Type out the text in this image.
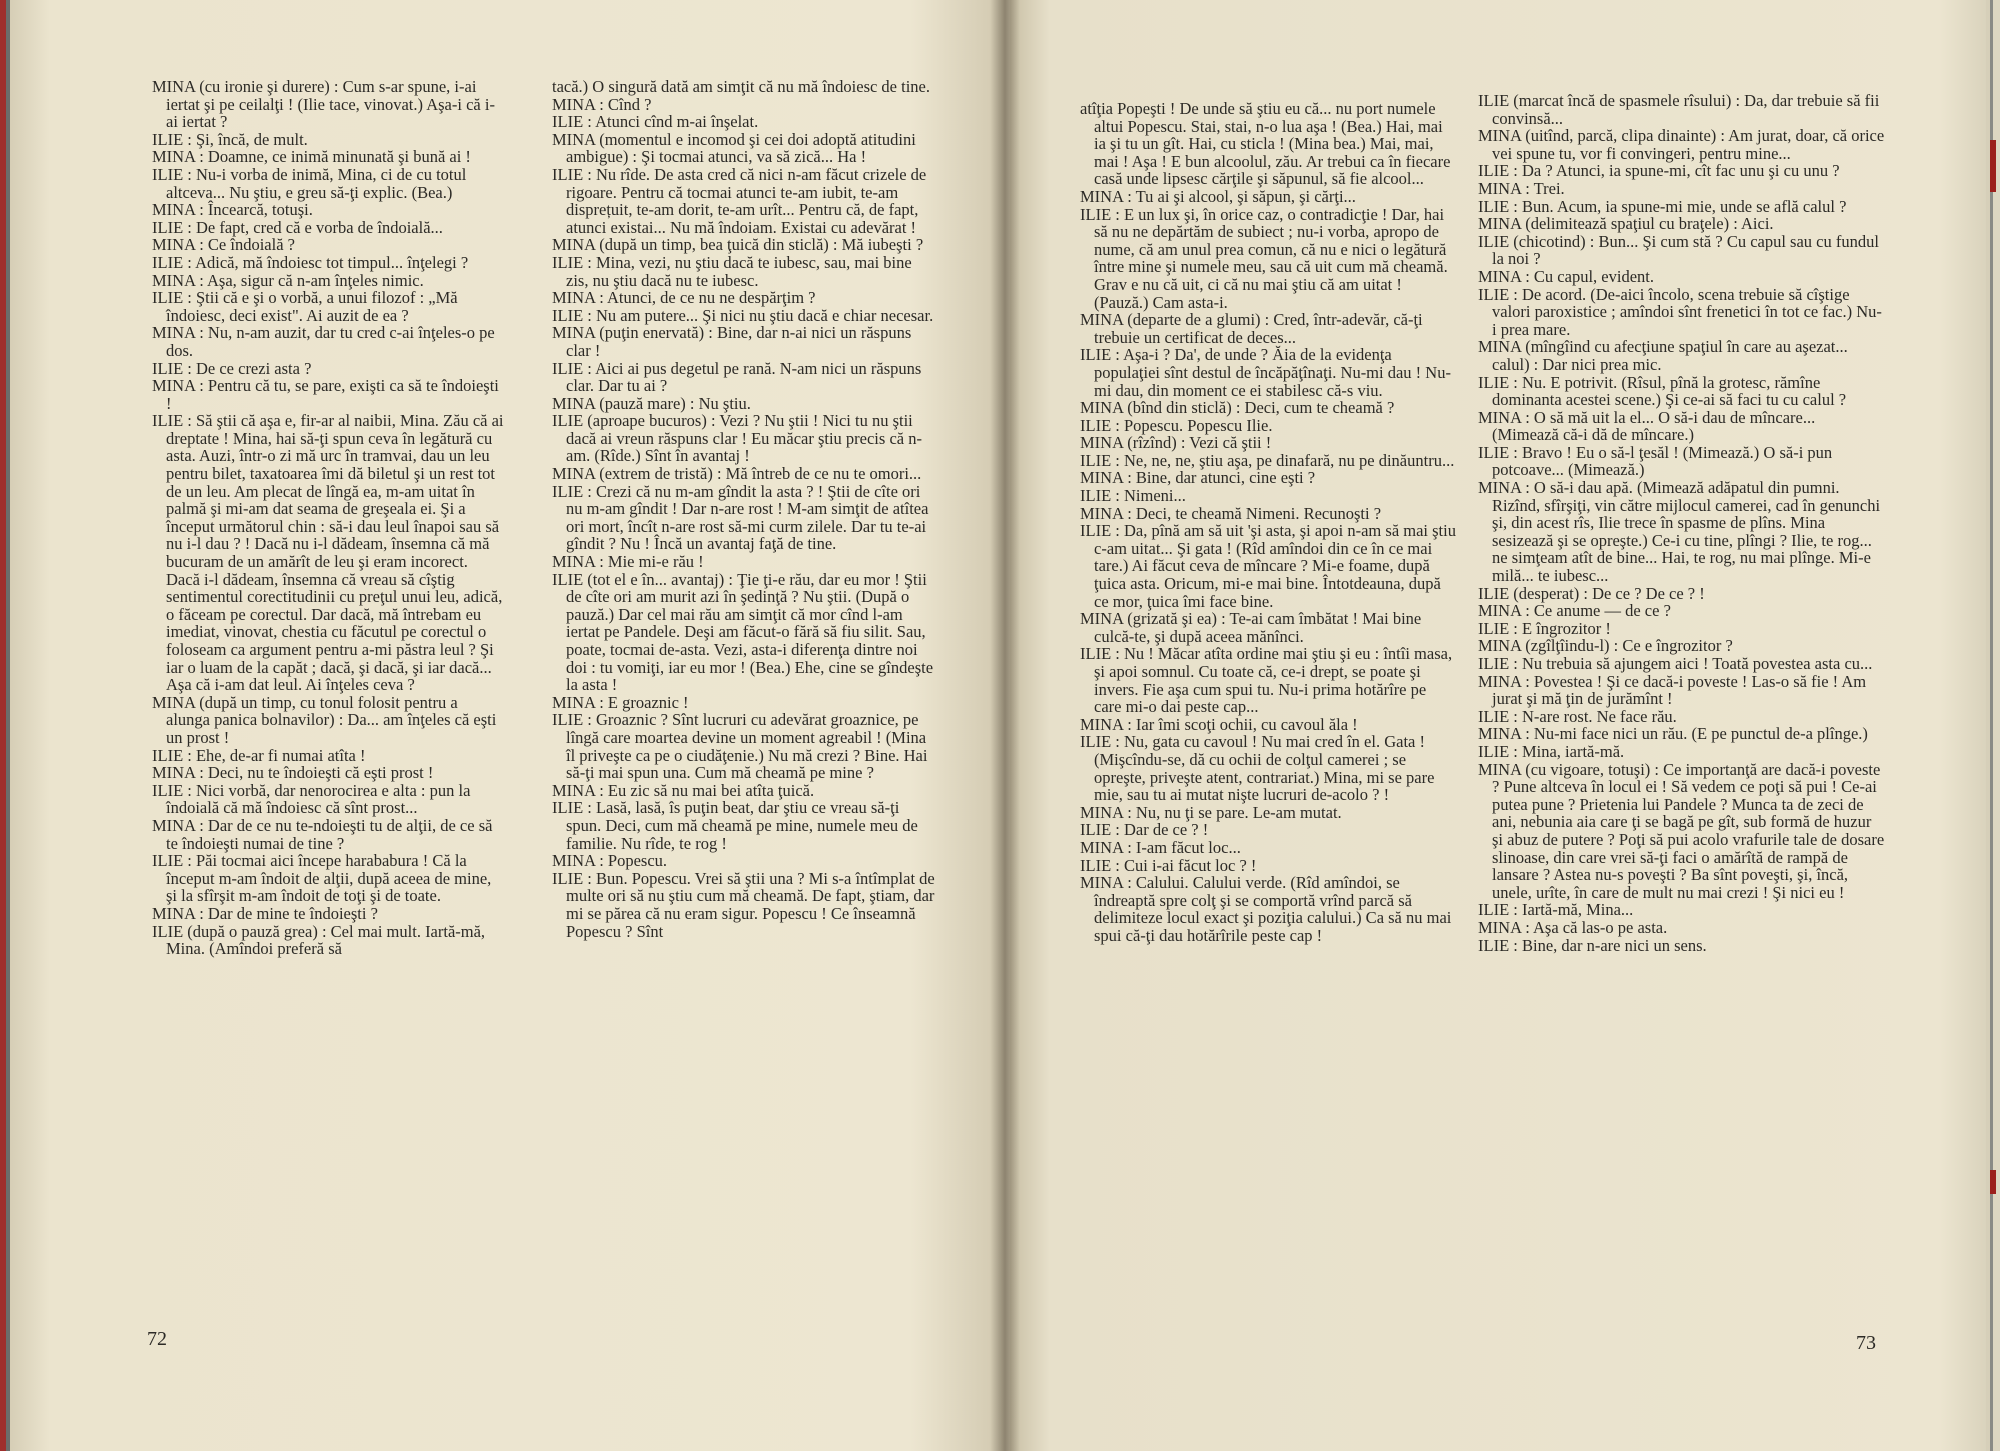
MINA (cu ironie şi durere) : Cum s-ar spune, i-ai iertat şi pe ceilalţi ! (Ilie tace, vinovat.) Aşa-i că i-ai iertat ?

ILIE : Şi, încă, de mult.

MINA : Doamne, ce inimă minunată şi bună ai !

ILIE : Nu-i vorba de inimă, Mina, ci de cu totul altceva... Nu ştiu, e greu să-ţi explic. (Bea.)

MINA : Încearcă, totuşi.

ILIE : De fapt, cred că e vorba de îndoială...

MINA : Ce îndoială ?

ILIE : Adică, mă îndoiesc tot timpul... înţelegi ?

MINA : Aşa, sigur că n-am înţeles nimic.

ILIE : Ştii că e şi o vorbă, a unui filozof : „Mă îndoiesc, deci exist". Ai auzit de ea ?

MINA : Nu, n-am auzit, dar tu cred c-ai înţeles-o pe dos.

ILIE : De ce crezi asta ?

MINA : Pentru că tu, se pare, exişti ca să te îndoieşti !

ILIE : Să ştii că aşa e, fir-ar al naibii, Mina. Zău că ai dreptate ! Mina, hai să-ţi spun ceva în legătură cu asta. Auzi, într-o zi mă urc în tramvai, dau un leu pentru bilet, taxatoarea îmi dă biletul şi un rest tot de un leu. Am plecat de lîngă ea, m-am uitat în palmă şi mi-am dat seama de greşeala ei. Şi a început următorul chin : să-i dau leul înapoi sau să nu i-l dau ? ! Dacă nu i-l dădeam, însemna că mă bucuram de un amărît de leu şi eram incorect. Dacă i-l dădeam, însemna că vreau să cîştig sentimentul corectitudinii cu preţul unui leu, adică, o făceam pe corectul. Dar dacă, mă întrebam eu imediat, vinovat, chestia cu făcutul pe corectul o foloseam ca argument pentru a-mi păstra leul ? Şi iar o luam de la capăt ; dacă, şi dacă, şi iar dacă... Aşa că i-am dat leul. Ai înţeles ceva ?

MINA (după un timp, cu tonul folosit pentru a alunga panica bolnavilor) : Da... am înţeles că eşti un prost !

ILIE : Ehe, de-ar fi numai atîta !

MINA : Deci, nu te îndoieşti că eşti prost !

ILIE : Nici vorbă, dar nenorocirea e alta : pun la îndoială că mă îndoiesc că sînt prost...

MINA : Dar de ce nu te-ndoieşti tu de alţii, de ce să te îndoieşti numai de tine ?

ILIE : Păi tocmai aici începe harababura ! Că la început m-am îndoit de alţii, după aceea de mine, şi la sfîrşit m-am îndoit de toţi şi de toate.

MINA : Dar de mine te îndoieşti ?

ILIE (după o pauză grea) : Cel mai mult. Iartă-mă, Mina. (Amîndoi preferă să

tacă.) O singură dată am simţit că nu mă îndoiesc de tine.

MINA : Cînd ?

ILIE : Atunci cînd m-ai înşelat.

MINA (momentul e incomod şi cei doi adoptă atitudini ambigue) : Şi tocmai atunci, va să zică... Ha !

ILIE : Nu rîde. De asta cred că nici n-am făcut crizele de rigoare. Pentru că tocmai atunci te-am iubit, te-am disprețuit, te-am dorit, te-am urît... Pentru că, de fapt, atunci existai... Nu mă îndoiam. Existai cu adevărat !

MINA (după un timp, bea ţuică din sticlă) : Mă iubeşti ?

ILIE : Mina, vezi, nu ştiu dacă te iubesc, sau, mai bine zis, nu ştiu dacă nu te iubesc.

MINA : Atunci, de ce nu ne despărţim ?

ILIE : Nu am putere... Şi nici nu ştiu dacă e chiar necesar.

MINA (puţin enervată) : Bine, dar n-ai nici un răspuns clar !

ILIE : Aici ai pus degetul pe rană. N-am nici un răspuns clar. Dar tu ai ?

MINA (pauză mare) : Nu ştiu.

ILIE (aproape bucuros) : Vezi ? Nu ştii ! Nici tu nu ştii dacă ai vreun răspuns clar ! Eu măcar ştiu precis că n-am. (Rîde.) Sînt în avantaj !

MINA (extrem de tristă) : Mă întreb de ce nu te omori...

ILIE : Crezi că nu m-am gîndit la asta ? ! Ştii de cîte ori nu m-am gîndit ! Dar n-are rost ! M-am simţit de atîtea ori mort, încît n-are rost să-mi curm zilele. Dar tu te-ai gîndit ? Nu ! Încă un avantaj faţă de tine.

MINA : Mie mi-e rău !

ILIE (tot el e în... avantaj) : Ţie ţi-e rău, dar eu mor ! Ştii de cîte ori am murit azi în şedinţă ? Nu ştii. (După o pauză.) Dar cel mai rău am simţit că mor cînd l-am iertat pe Pandele. Deşi am făcut-o fără să fiu silit. Sau, poate, tocmai de-asta. Vezi, asta-i diferenţa dintre noi doi : tu vomiţi, iar eu mor ! (Bea.) Ehe, cine se gîndeşte la asta !

MINA : E groaznic !

ILIE : Groaznic ? Sînt lucruri cu adevărat groaznice, pe lîngă care moartea devine un moment agreabil ! (Mina îl priveşte ca pe o ciudăţenie.) Nu mă crezi ? Bine. Hai să-ţi mai spun una. Cum mă cheamă pe mine ?

MINA : Eu zic să nu mai bei atîta ţuică.

ILIE : Lasă, lasă, îs puţin beat, dar ştiu ce vreau să-ţi spun. Deci, cum mă cheamă pe mine, numele meu de familie. Nu rîde, te rog !

MINA : Popescu.

ILIE : Bun. Popescu. Vrei să ştii una ? Mi s-a întîmplat de multe ori să nu ştiu cum mă cheamă. De fapt, ştiam, dar mi se părea că nu eram sigur. Popescu ! Ce înseamnă Popescu ? Sînt

atîţia Popeşti ! De unde să ştiu eu că... nu port numele altui Popescu. Stai, stai, n-o lua aşa ! (Bea.) Hai, mai ia şi tu un gît. Hai, cu sticla ! (Mina bea.) Mai, mai, mai ! Aşa ! E bun alcoolul, zău. Ar trebui ca în fiecare casă unde lipsesc cărţile şi săpunul, să fie alcool...

MINA : Tu ai şi alcool, şi săpun, şi cărţi...

ILIE : E un lux şi, în orice caz, o contradicţie ! Dar, hai să nu ne depărtăm de subiect ; nu-i vorba, apropo de nume, că am unul prea comun, că nu e nici o legătură între mine şi numele meu, sau că uit cum mă cheamă. Grav e nu că uit, ci că nu mai ştiu că am uitat ! (Pauză.) Cam asta-i.

MINA (departe de a glumi) : Cred, într-adevăr, că-ţi trebuie un certificat de deces...

ILIE : Aşa-i ? Da', de unde ? Ăia de la evidenţa populaţiei sînt destul de încăpăţînaţi. Nu-mi dau ! Nu-mi dau, din moment ce ei stabilesc că-s viu.

MINA (bînd din sticlă) : Deci, cum te cheamă ?

ILIE : Popescu. Popescu Ilie.

MINA (rîzînd) : Vezi că ştii !

ILIE : Ne, ne, ne, ştiu aşa, pe dinafară, nu pe dinăuntru...

MINA : Bine, dar atunci, cine eşti ?

ILIE : Nimeni...

MINA : Deci, te cheamă Nimeni. Recunoşti ?

ILIE : Da, pînă am să uit 'şi asta, şi apoi n-am să mai ştiu c-am uitat... Şi gata ! (Rîd amîndoi din ce în ce mai tare.) Ai făcut ceva de mîncare ? Mi-e foame, după ţuica asta. Oricum, mi-e mai bine. Întotdeauna, după ce mor, ţuica îmi face bine.

MINA (grizată şi ea) : Te-ai cam îmbătat ! Mai bine culcă-te, şi după aceea mănînci.

ILIE : Nu ! Măcar atîta ordine mai ştiu şi eu : întîi masa, şi apoi somnul. Cu toate că, ce-i drept, se poate şi invers. Fie aşa cum spui tu. Nu-i prima hotărîre pe care mi-o dai peste cap...

MINA : Iar îmi scoţi ochii, cu cavoul ăla !

ILIE : Nu, gata cu cavoul ! Nu mai cred în el. Gata ! (Mişcîndu-se, dă cu ochii de colţul camerei ; se opreşte, priveşte atent, contrariat.) Mina, mi se pare mie, sau tu ai mutat nişte lucruri de-acolo ? !

MINA : Nu, nu ţi se pare. Le-am mutat.

ILIE : Dar de ce ? !

MINA : I-am făcut loc...

ILIE : Cui i-ai făcut loc ? !

MINA : Calului. Calului verde. (Rîd amîndoi, se îndreaptă spre colţ şi se comportă vrînd parcă să delimiteze locul exact şi poziţia calului.) Ca să nu mai spui că-ţi dau hotărîrile peste cap !

ILIE (marcat încă de spasmele rîsului) : Da, dar trebuie să fii convinsă...

MINA (uitînd, parcă, clipa dinainte) : Am jurat, doar, că orice vei spune tu, vor fi convingeri, pentru mine...

ILIE : Da ? Atunci, ia spune-mi, cît fac unu şi cu unu ?

MINA : Trei.

ILIE : Bun. Acum, ia spune-mi mie, unde se află calul ?

MINA (delimitează spaţiul cu braţele) : Aici.

ILIE (chicotind) : Bun... Şi cum stă ? Cu capul sau cu fundul la noi ?

MINA : Cu capul, evident.

ILIE : De acord. (De-aici încolo, scena trebuie să cîştige valori paroxistice ; amîndoi sînt frenetici în tot ce fac.) Nu-i prea mare.

MINA (mîngîind cu afecţiune spaţiul în care au aşezat... calul) : Dar nici prea mic.

ILIE : Nu. E potrivit. (Rîsul, pînă la grotesc, rămîne dominanta acestei scene.) Şi ce-ai să faci tu cu calul ?

MINA : O să mă uit la el... O să-i dau de mîncare... (Mimează că-i dă de mîncare.)

ILIE : Bravo ! Eu o să-l ţesăl ! (Mimează.) O să-i pun potcoave... (Mimează.)

MINA : O să-i dau apă. (Mimează adăpatul din pumni. Rizînd, sfîrşiţi, vin către mijlocul camerei, cad în genunchi şi, din acest rîs, Ilie trece în spasme de plîns. Mina sesizează şi se opreşte.) Ce-i cu tine, plîngi ? Ilie, te rog... ne simţeam atît de bine... Hai, te rog, nu mai plînge. Mi-e milă... te iubesc...

ILIE (desperat) : De ce ? De ce ? !

MINA : Ce anume — de ce ?

ILIE : E îngrozitor !

MINA (zgîlţîindu-l) : Ce e îngrozitor ?

ILIE : Nu trebuia să ajungem aici ! Toată povestea asta cu...

MINA : Povestea ! Şi ce dacă-i poveste ! Las-o să fie ! Am jurat şi mă ţin de jurămînt !

ILIE : N-are rost. Ne face rău.

MINA : Nu-mi face nici un rău. (E pe punctul de-a plînge.)

ILIE : Mina, iartă-mă.

MINA (cu vigoare, totuşi) : Ce importanţă are dacă-i poveste ? Pune altceva în locul ei ! Să vedem ce poţi să pui ! Ce-ai putea pune ? Prietenia lui Pandele ? Munca ta de zeci de ani, nebunia aia care ţi se bagă pe gît, sub formă de huzur şi abuz de putere ? Poţi să pui acolo vrafurile tale de dosare slinoase, din care vrei să-ţi faci o amărîtă de rampă de lansare ? Astea nu-s poveşti ? Ba sînt poveşti, şi, încă, unele, urîte, în care de mult nu mai crezi ! Şi nici eu !

ILIE : Iartă-mă, Mina...

MINA : Aşa că las-o pe asta.

ILIE : Bine, dar n-are nici un sens.

72	73
